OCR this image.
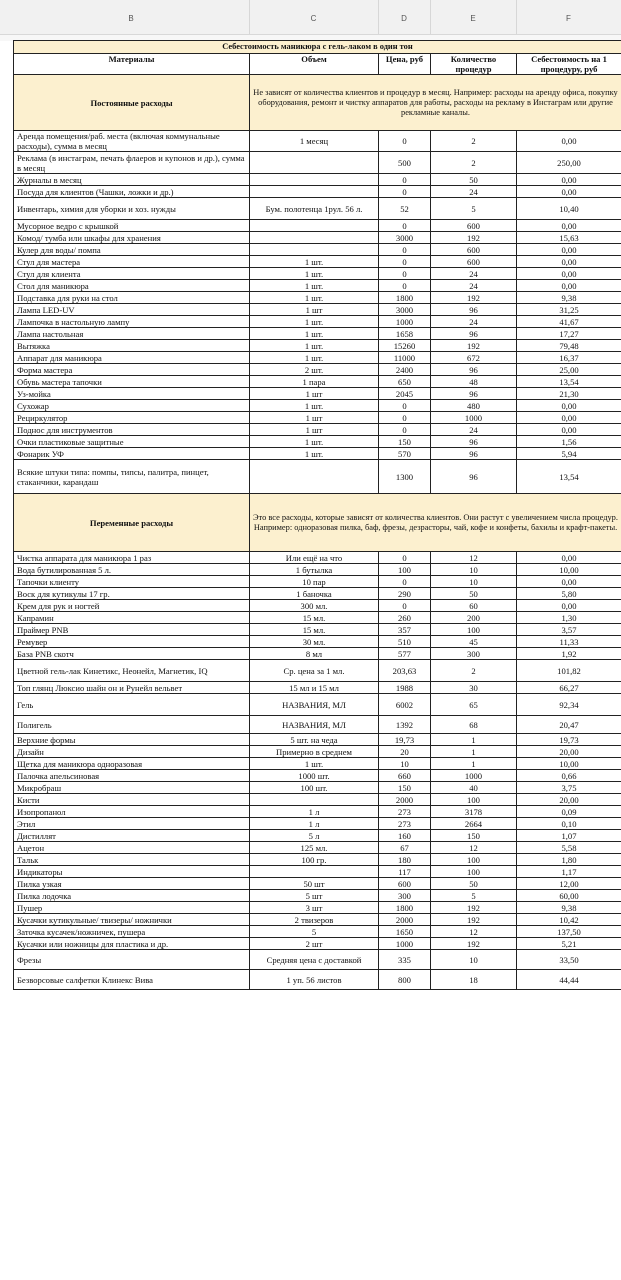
B	C	D	E	F
Себестоимость маникюра с гель-лаком в один тон				
Материалы	Объем	Цена, руб	Количество процедур	Себестоимость на 1 процедуру, руб
Постоянные расходы	Не зависят от количества клиентов и процедур в месяц. Например: расходы на аренду офиса, покупку оборудования, ремонт и чистку аппаратов для работы, расходы на рекламу в Инстаграм или другие рекламные каналы.			
Аренда помещения/раб. места (включая коммунальные расходы), сумма в месяц	1 месяц	0	2	0,00
Реклама (в инстаграм, печать флаеров и купонов и др.), сумма в месяц		500	2	250,00
Журналы в месяц		0	50	0,00
Посуда для клиентов (Чашки, ложки и др.)		0	24	0,00
Инвентарь, химия для уборки и хоз. нужды	Бум. полотенца 1рул. 56 л.	52	5	10,40
Мусорное ведро с крышкой		0	600	0,00
Комод/ тумба или шкафы для хранения		3000	192	15,63
Кулер для воды/ помпа		0	600	0,00
Стул для мастера	1 шт.	0	600	0,00
Стул для клиента	1 шт.	0	24	0,00
Стол для маникюра	1 шт.	0	24	0,00
Подставка для руки на стол	1 шт.	1800	192	9,38
Лампа LED-UV	1 шт	3000	96	31,25
Лампочка в настольную лампу	1 шт.	1000	24	41,67
Лампа настольная	1 шт.	1658	96	17,27
Вытяжка	1 шт.	15260	192	79,48
Аппарат для маникюра	1 шт.	11000	672	16,37
Форма мастера	2 шт.	2400	96	25,00
Обувь мастера тапочки	1 пара	650	48	13,54
Уз-мойка	1 шт	2045	96	21,30
Сухожар	1 шт.	0	480	0,00
Рециркулятор	1 шт	0	1000	0,00
Поднос для инструментов	1 шт	0	24	0,00
Очки пластиковые защитные	1 шт.	150	96	1,56
Фонарик УФ	1 шт.	570	96	5,94
Всякие штуки типа: помпы, типсы, палитра, пинцет, стаканчики, карандаш		1300	96	13,54
Переменные расходы	Это все расходы, которые зависят от количества клиентов. Они растут с увеличением числа процедур. Например: одноразовая пилка, баф, фрезы, дезрасторы, чай, кофе и конфеты, бахилы и крафт-пакеты.			
Чистка аппарата для маникюра 1 раз	Или ещё на что	0	12	0,00
Вода бутилированная 5 л.	1 бутылка	100	10	10,00
Тапочки клиенту	10 пар	0	10	0,00
Воск для кутикулы 17 гр.	1 баночка	290	50	5,80
Крем для рук и ногтей	300 мл.	0	60	0,00
Капрамин	15 мл.	260	200	1,30
Праймер PNB	15 мл.	357	100	3,57
Ремувер	30 мл.	510	45	11,33
База PNB скотч	8 мл	577	300	1,92
Цветной гель-лак Кинетикс, Неонейл, Магнетик, IQ	Ср. цена за 1 мл.	203,63	2	101,82
Топ глянц Люксио шайн он и Рунейл вельвет	15 мл и 15 мл	1988	30	66,27
Гель	НАЗВАНИЯ, МЛ	6002	65	92,34
Полигель	НАЗВАНИЯ, МЛ	1392	68	20,47
Верхние формы	5 шт. на чеда	19,73	1	19,73
Дизайн	Примерно в среднем	20	1	20,00
Щетка для маникюра одноразовая	1 шт.	10	1	10,00
Палочка апельсиновая	1000 шт.	660	1000	0,66
Микробраш	100 шт.	150	40	3,75
Кисти		2000	100	20,00
Изопропанол	1 л	273	3178	0,09
Этил	1 л	273	2664	0,10
Дистиллят	5 л	160	150	1,07
Ацетон	125 мл.	67	12	5,58
Тальк	100 гр.	180	100	1,80
Индикаторы		117	100	1,17
Пилка узкая	50 шт	600	50	12,00
Пилка лодочка	5 шт	300	5	60,00
Пушер	3 шт	1800	192	9,38
Кусачки кутикульные/ твизеры/ ножнички	2 твизеров	2000	192	10,42
Заточка кусачек/ножничек, пушера	5	1650	12	137,50
Кусачки или ножницы для пластика и др.	2 шт	1000	192	5,21
Фрезы	Средняя цена с доставкой	335	10	33,50
Безворсовые салфетки Клинекс Вива	1 уп. 56 листов	800	18	44,44
